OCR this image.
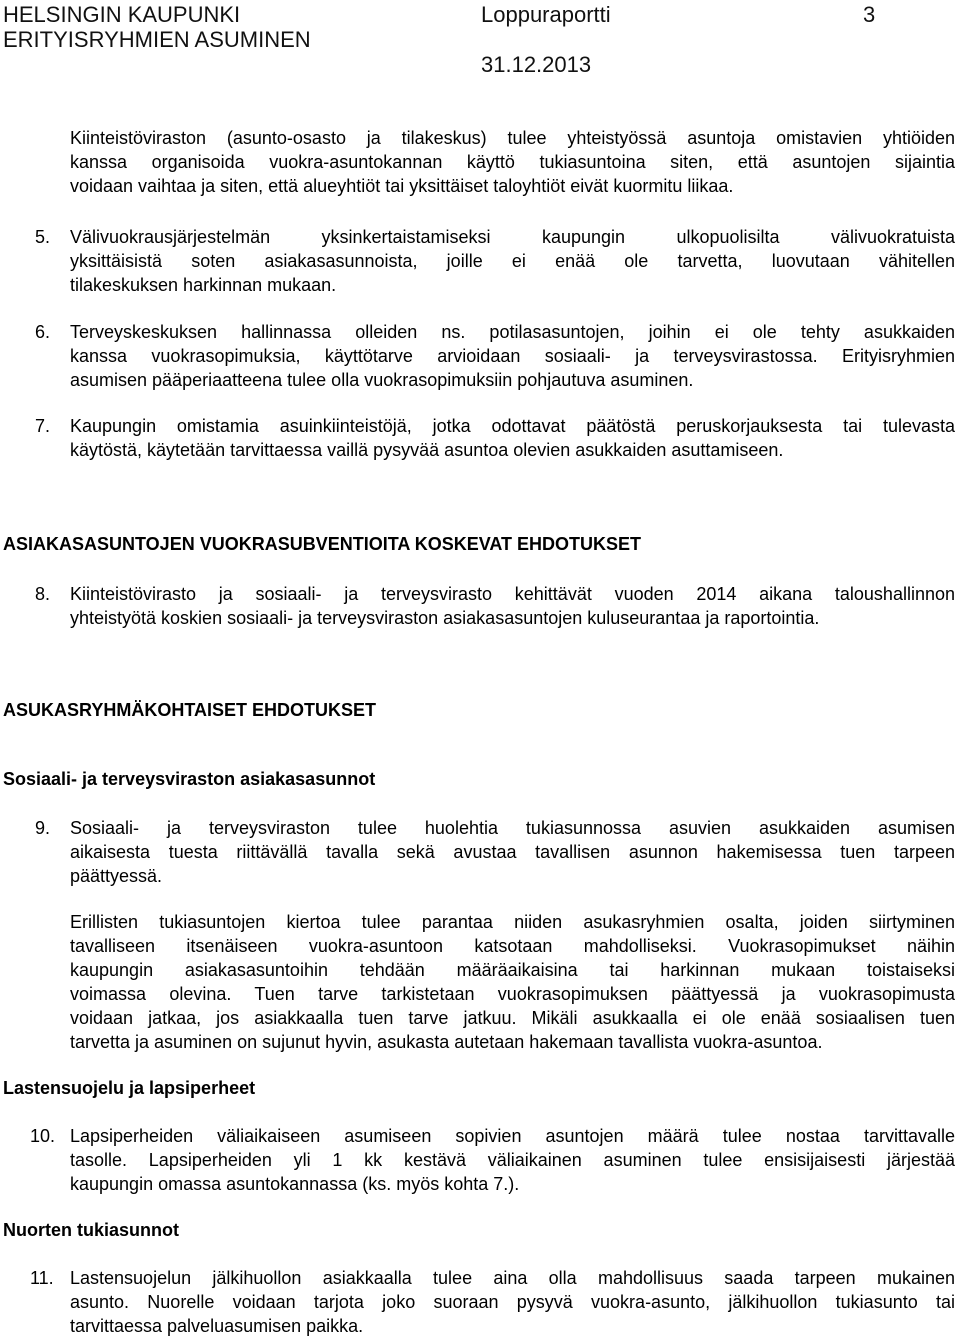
HELSINGIN KAUPUNKI
ERITYISRYHMIEN ASUMINEN
Loppuraportti
31.12.2013
3
Kiinteistöviraston (asunto-osasto ja tilakeskus) tulee yhteistyössä asuntoja omistavien yhtiöiden
kanssa organisoida vuokra-asuntokannan käyttö tukiasuntoina siten, että asuntojen sijaintia
voidaan vaihtaa ja siten, että alueyhtiöt tai yksittäiset taloyhtiöt eivät kuormitu liikaa.
5. Välivuokrausjärjestelmän yksinkertaistamiseksi kaupungin ulkopuolisilta välivuokratuista
yksittäisistä soten asiakasasunnoista, joille ei enää ole tarvetta, luovutaan vähitellen
tilakeskuksen harkinnan mukaan.
6. Terveyskeskuksen hallinnassa olleiden ns. potilasasuntojen, joihin ei ole tehty asukkaiden
kanssa vuokrasopimuksia, käyttötarve arvioidaan sosiaali- ja terveysvirastossa. Erityisryhmien
asumisen pääperiaatteena tulee olla vuokrasopimuksiin pohjautuva asuminen.
7. Kaupungin omistamia asuinkiinteistöjä, jotka odottavat päätöstä peruskorjauksesta tai tulevasta
käytöstä, käytetään tarvittaessa vaillä pysyvää asuntoa olevien asukkaiden asuttamiseen.
ASIAKASASUNTOJEN VUOKRASUBVENTIOITA KOSKEVAT EHDOTUKSET
8. Kiinteistövirasto ja sosiaali- ja terveysvirasto kehittävät vuoden 2014 aikana taloushallinnon
yhteistyötä koskien sosiaali- ja terveysviraston asiakasasuntojen kuluseurantaa ja raportointia.
ASUKASRYHMÄKOHTAISET EHDOTUKSET
Sosiaali- ja terveysviraston asiakasasunnot
9. Sosiaali- ja terveysviraston tulee huolehtia tukiasunnossa asuvien asukkaiden asumisen
aikaisesta tuesta riittävällä tavalla sekä avustaa tavallisen asunnon hakemisessa tuen tarpeen
päättyessä.
Erillisten tukiasuntojen kiertoa tulee parantaa niiden asukasryhmien osalta, joiden siirtyminen
tavalliseen itsenäiseen vuokra-asuntoon katsotaan mahdolliseksi. Vuokrasopimukset näihin
kaupungin asiakasasuntoihin tehdään määräaikaisina tai harkinnan mukaan toistaiseksi
voimassa olevina. Tuen tarve tarkistetaan vuokrasopimuksen päättyessä ja vuokrasopimusta
voidaan jatkaa, jos asiakkaalla tuen tarve jatkuu. Mikäli asukkaalla ei ole enää sosiaalisen tuen
tarvetta ja asuminen on sujunut hyvin, asukasta autetaan hakemaan tavallista vuokra-asuntoa.
Lastensuojelu ja lapsiperheet
10. Lapsiperheiden väliaikaiseen asumiseen sopivien asuntojen määrä tulee nostaa tarvittavalle
tasolle. Lapsiperheiden yli 1 kk kestävä väliaikainen asuminen tulee ensisijaisesti järjestää
kaupungin omassa asuntokannassa (ks. myös kohta 7.).
Nuorten tukiasunnot
11. Lastensuojelun jälkihuollon asiakkaalla tulee aina olla mahdollisuus saada tarpeen mukainen
asunto. Nuorelle voidaan tarjota joko suoraan pysyvä vuokra-asunto, jälkihuollon tukiasunto tai
tarvittaessa palveluasumisen paikka.
